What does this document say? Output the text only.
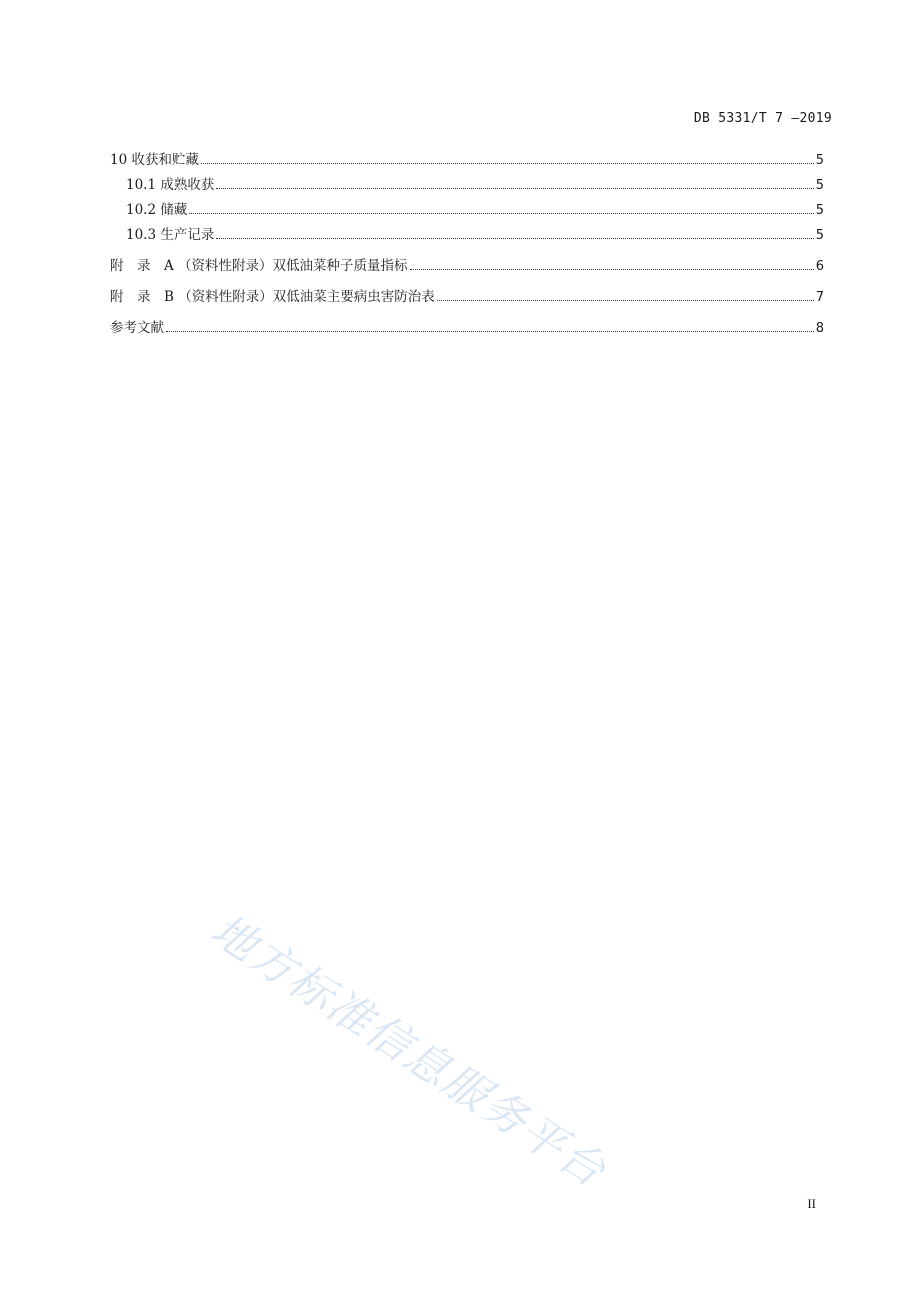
DB 5331/T 7 —2019
10 收获和贮藏	5
10.1 成熟收获	5
10.2 储藏	5
10.3 生产记录	5
附　录　A （资料性附录）双低油菜种子质量指标	6
附　录　B （资料性附录）双低油菜主要病虫害防治表	7
参考文献	8
地方标准信息服务平台
II
